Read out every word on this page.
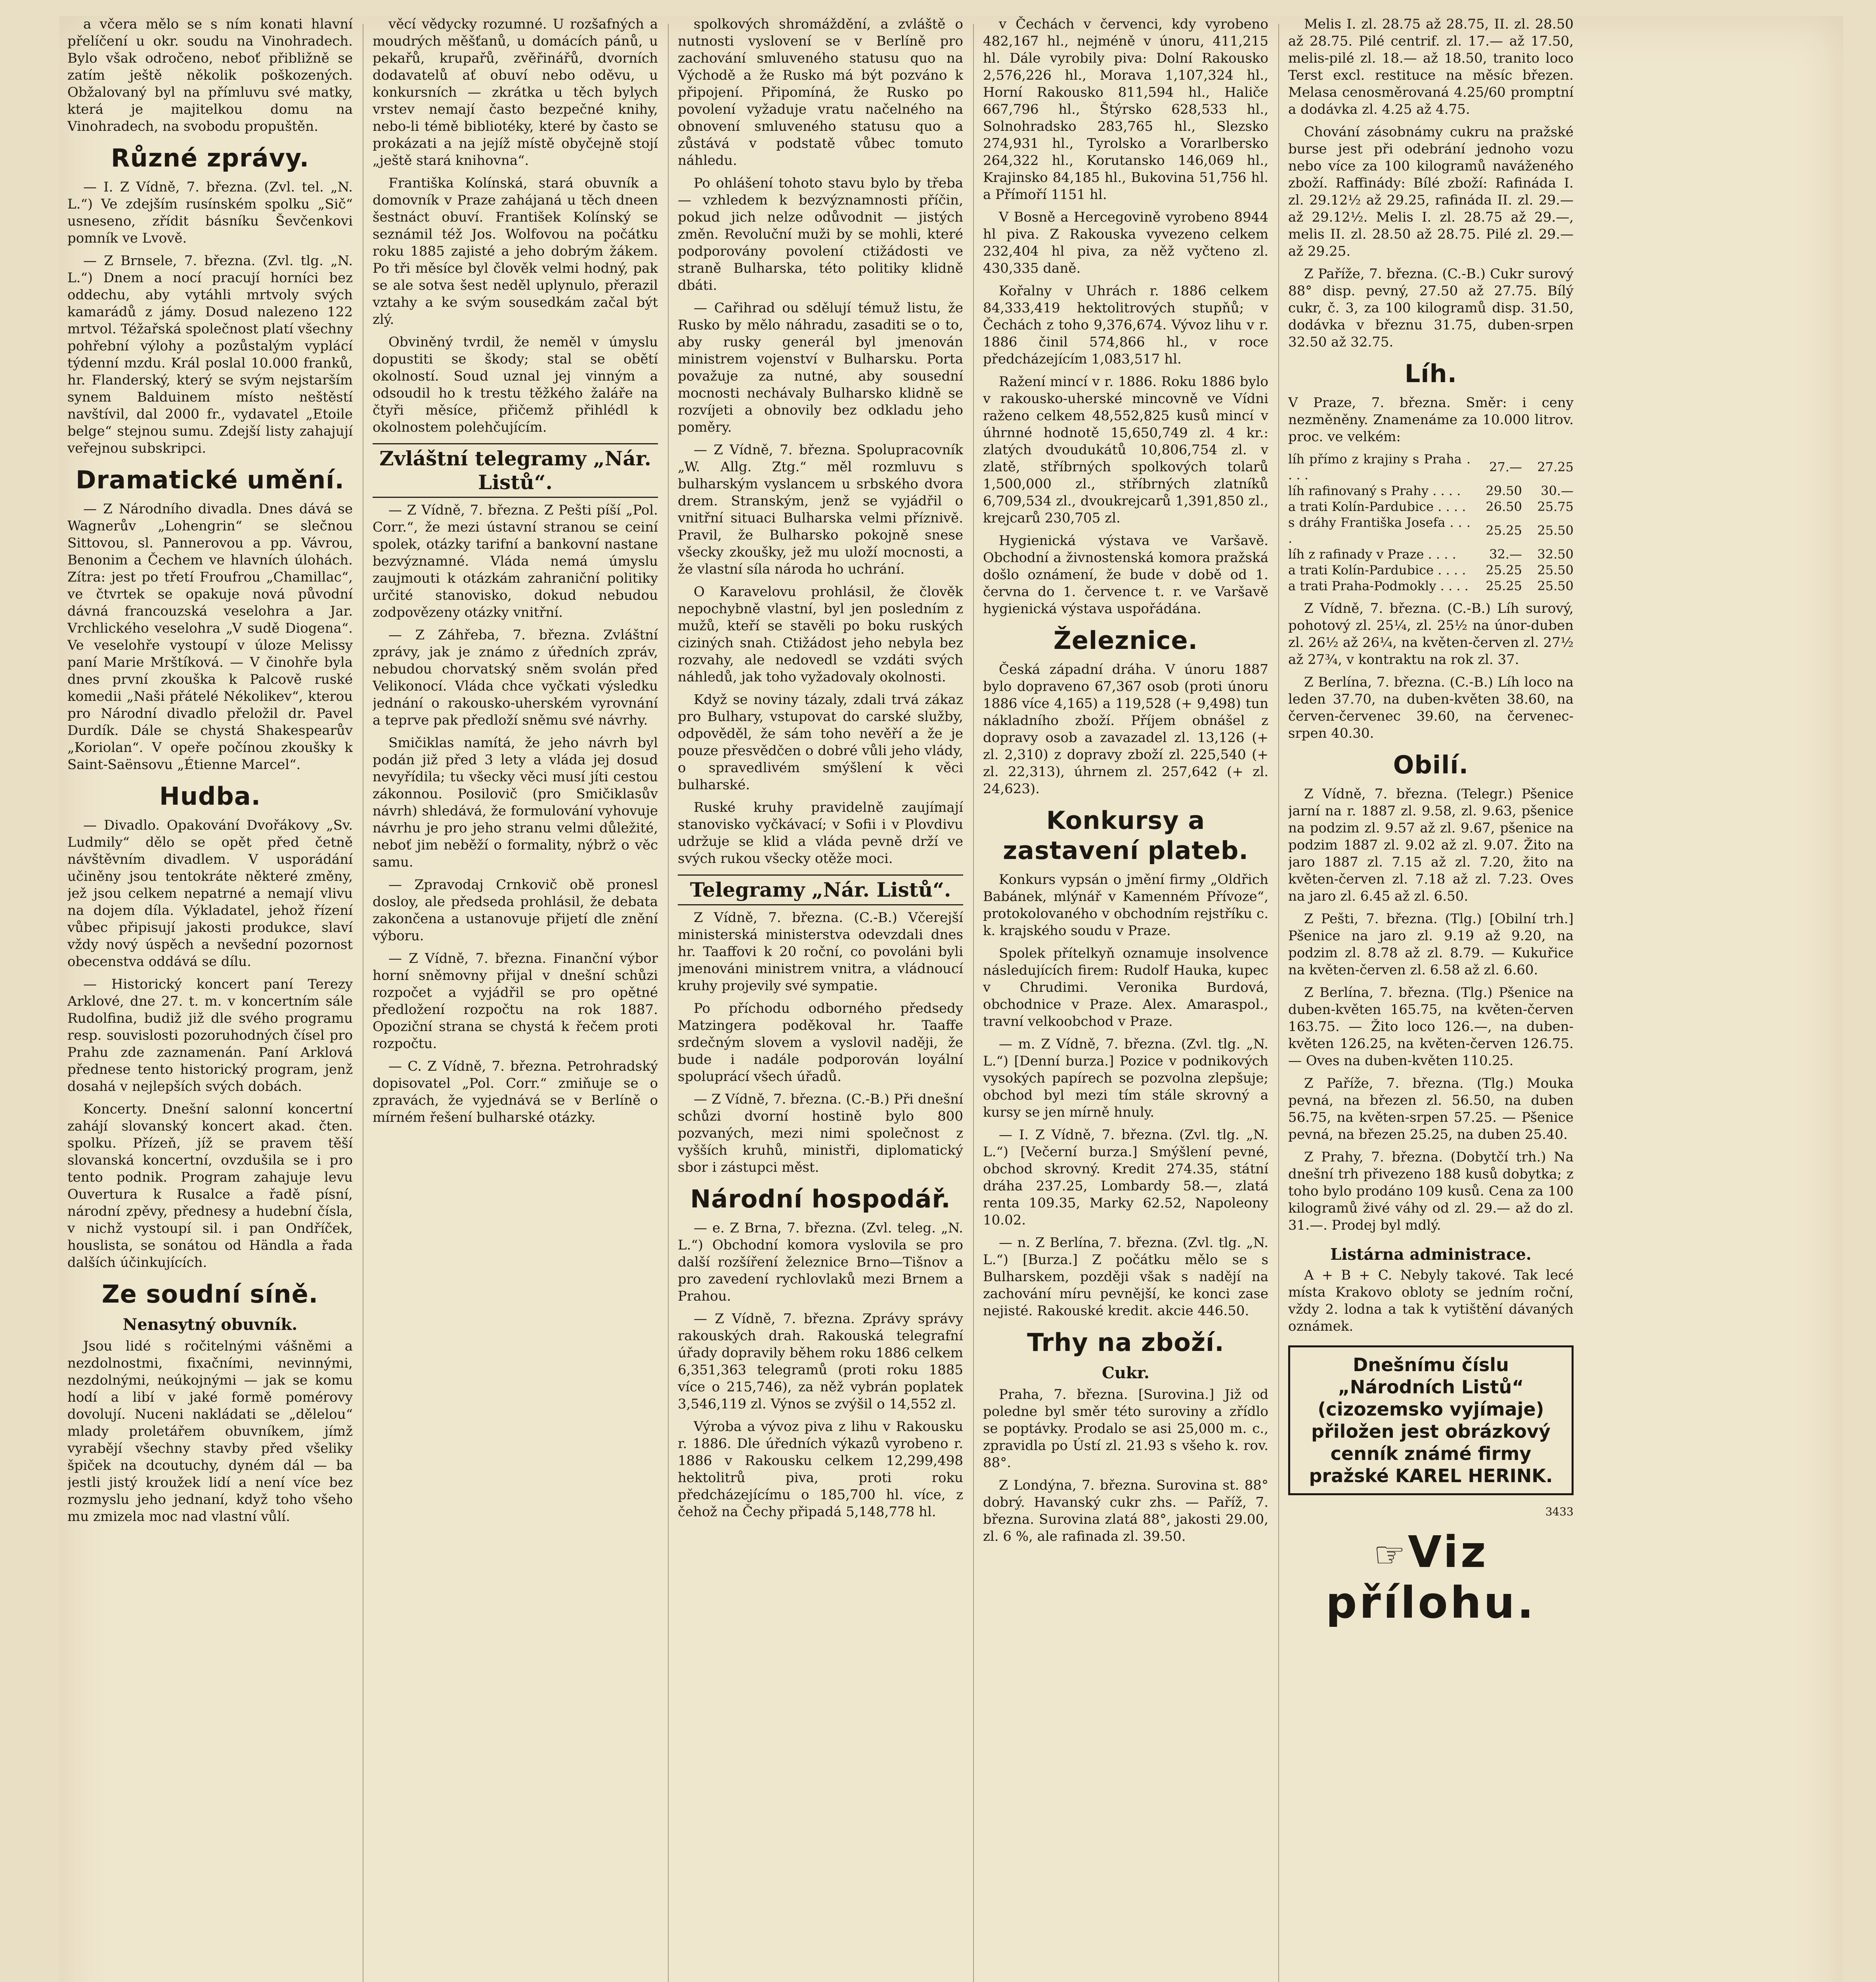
a včera mělo se s ním konati hlavní přelíčení u okr. soudu na Vinohradech. Bylo však odročeno, neboť přibližně se zatím ještě několik poškozených. Obžalovaný byl na přímluvu své matky, která je majitelkou domu na Vinohradech, na svobodu propuštěn.

Různé zprávy.

— I. Z Vídně, 7. března. (Zvl. tel. „N. L.“) Ve zdejším rusínském spolku „Sič“ usneseno, zřídit básníku Ševčenkovi pomník ve Lvově.

— Z Brnsele, 7. března. (Zvl. tlg. „N. L.“) Dnem a nocí pracují horníci bez oddechu, aby vytáhli mrtvoly svých kamarádů z jámy. Dosud nalezeno 122 mrtvol. Téžařská společnost platí všechny pohřební výlohy a pozůstalým vyplácí týdenní mzdu. Král poslal 10.000 franků, hr. Flanderský, který se svým nejstarším synem Balduinem místo neštěstí navštívil, dal 2000 fr., vydavatel „Etoile belge“ stejnou sumu. Zdejší listy zahajují veřejnou subskripci.

Dramatické umění.

— Z Národního divadla. Dnes dává se Wagnerův „Lohengrin“ se slečnou Sittovou, sl. Pannerovou a pp. Vávrou, Benonim a Čechem ve hlavních úlohách. Zítra: jest po třetí Froufrou „Chamillac“, ve čtvrtek se opakuje nová původní dávná francouzská veselohra a Jar. Vrchlického veselohra „V sudě Diogena“. Ve veselohře vystoupí v úloze Melissy paní Marie Mrštíková. — V činohře byla dnes první zkouška k Palcově ruské komedii „Naši přátelé Nékolikev“, kterou pro Národní divadlo přeložil dr. Pavel Durdík. Dále se chystá Shakespearův „Koriolan“. V opeře počínou zkoušky k Saint-Saënsovu „Étienne Marcel“.

Hudba.

— Divadlo. Opakování Dvořákovy „Sv. Ludmily“ dělo se opět před četně návštěvním divadlem. V usporádání učiněny jsou tentokráte některé změny, jež jsou celkem nepatrné a nemají vlivu na dojem díla. Výkladatel, jehož řízení vůbec připisují jakosti produkce, slaví vždy nový úspěch a nevšední pozornost obecenstva oddává se dílu.

— Historický koncert paní Terezy Arklové, dne 27. t. m. v koncertním sále Rudolfina, budiž již dle svého programu resp. souvislosti pozoruhodných čísel pro Prahu zde zaznamenán. Paní Arklová přednese tento historický program, jenž dosahá v nejlepších svých dobách.

Koncerty. Dnešní salonní koncertní zahájí slovanský koncert akad. čten. spolku. Přízeň, jíž se pravem těší slovanská koncertní, ovzdušila se i pro tento podnik. Program zahajuje levu Ouvertura k Rusalce a řadě písní, národní zpěvy, přednesy a hudební čísla, v nichž vystoupí sil. i pan Ondříček, houslista, se sonátou od Händla a řada dalších účinkujících.

Ze soudní síně.
Nenasytný obuvník.

Jsou lidé s ročitelnými vášněmi a nezdolnostmi, fixačními, nevinnými, nezdolnými, neúkojnými — jak se komu hodí a libí v jaké formě pomérovy dovolují. Nuceni nakládati se „dělelou“ mlady proletářem obuvníkem, jímž vyrabějí všechny stavby před všeliky špiček na dcoutuchy, dyném dál — ba jestli jistý kroužek lidí a není více bez rozmyslu jeho jednaní, když toho všeho mu zmizela moc nad vlastní vůlí.

věcí vědycky rozumné. U rozšafných a moudrých měšťanů, u domácích pánů, u pekařů, krupařů, zvěřinářů, dvorních dodavatelů ať obuví nebo oděvu, u konkursních — zkrátka u těch bylych vrstev nemají často bezpečné knihy, nebo-li témě bibliotéky, které by často se prokázati a na jejíž místě obyčejně stojí „ještě stará knihovna“.

Františka Kolínská, stará obuvník a domovník v Praze zahájaná u těch dneen šestnáct obuví. František Kolínský se seznámil též Jos. Wolfovou na počátku roku 1885 zajisté a jeho dobrým žákem. Po tři měsíce byl člověk velmi hodný, pak se ale sotva šest neděl uplynulo, přerazil vztahy a ke svým sousedkám začal být zlý.

Obviněný tvrdil, že neměl v úmyslu dopustiti se škody; stal se obětí okolností. Soud uznal jej vinným a odsoudil ho k trestu těžkého žaláře na čtyři měsíce, přičemž přihlédl k okolnostem polehčujícím.

Zvláštní telegramy „Nár. Listů“.

— Z Vídně, 7. března. Z Pešti píší „Pol. Corr.“, že mezi ústavní stranou se ceiní spolek, otázky tarifní a bankovní nastane bezvýznamné. Vláda nemá úmyslu zaujmouti k otázkám zahraniční politiky určité stanovisko, dokud nebudou zodpovězeny otázky vnitřní.

— Z Záhřeba, 7. března. Zvláštní zprávy, jak je známo z úředních zpráv, nebudou chorvatský sněm svolán před Velikonocí. Vláda chce vyčkati výsledku jednání o rakousko-uherském vyrovnání a teprve pak předloží sněmu své návrhy.

Smičiklas namítá, že jeho návrh byl podán již před 3 lety a vláda jej dosud nevyřídila; tu všecky věci musí jíti cestou zákonnou. Posilovič (pro Smičiklasův návrh) shledává, že formulování vyhovuje návrhu je pro jeho stranu velmi důležité, neboť jim neběží o formality, nýbrž o věc samu.

— Zpravodaj Crnkovič obě pronesl dosloy, ale předseda prohlásil, že debata zakončena a ustanovuje přijetí dle znění výboru.

— Z Vídně, 7. března. Finanční výbor horní sněmovny přijal v dnešní schůzi rozpočet a vyjádřil se pro opětné předložení rozpočtu na rok 1887. Opoziční strana se chystá k řečem proti rozpočtu.

— C. Z Vídně, 7. března. Petrohradský dopisovatel „Pol. Corr.“ zmiňuje se o zpravách, že vyjednává se v Berlíně o mírném řešení bulharské otázky.

spolkových shromáždění, a zvláště o nutnosti vyslovení se v Berlíně pro zachování smluveného statusu quo na Východě a že Rusko má být pozváno k připojení. Připomíná, že Rusko po povolení vyžaduje vratu načelného na obnovení smluveného statusu quo a zůstává v podstatě vůbec tomuto náhledu.

Po ohlášení tohoto stavu bylo by třeba — vzhledem k bezvýznamnosti příčin, pokud jich nelze odůvodnit — jistých změn. Revoluční muži by se mohli, které podporovány povolení ctižádosti ve straně Bulharska, této politiky klidně dbáti.

— Cařihrad ou sdělují témuž listu, že Rusko by mělo náhradu, zasaditi se o to, aby rusky generál byl jmenován ministrem vojenství v Bulharsku. Porta považuje za nutné, aby sousední mocnosti nechávaly Bulharsko klidně se rozvíjeti a obnovily bez odkladu jeho poměry.

— Z Vídně, 7. března. Spolupracovník „W. Allg. Ztg.“ měl rozmluvu s bulharským vyslancem u srbského dvora drem. Stranským, jenž se vyjádřil o vnitřní situaci Bulharska velmi příznivě. Pravil, že Bulharsko pokojně snese všecky zkoušky, jež mu uloží mocnosti, a že vlastní síla národa ho uchrání.

O Karavelovu prohlásil, že člověk nepochybně vlastní, byl jen posledním z mužů, kteří se stavěli po boku ruských ciziných snah. Ctižádost jeho nebyla bez rozvahy, ale nedovedl se vzdáti svých náhledů, jak toho vyžadovaly okolnosti.

Když se noviny tázaly, zdali trvá zákaz pro Bulhary, vstupovat do carské služby, odpověděl, že sám toho nevěří a že je pouze přesvědčen o dobré vůli jeho vlády, o spravedlivém smýšlení k věci bulharské.

Ruské kruhy pravidelně zaujímají stanovisko vyčkávací; v Sofii i v Plovdivu udržuje se klid a vláda pevně drží ve svých rukou všecky otěže moci.

Telegramy „Nár. Listů“.

Z Vídně, 7. března. (C.-B.) Včerejší ministerská ministerstva odevzdali dnes hr. Taaffovi k 20 roční, co povoláni byli jmenováni ministrem vnitra, a vládnoucí kruhy projevily své sympatie.

Po příchodu odborného předsedy Matzingera poděkoval hr. Taaffe srdečným slovem a vyslovil naději, že bude i nadále podporován loyální spoluprácí všech úřadů.

— Z Vídně, 7. března. (C.-B.) Při dnešní schůzi dvorní hostině bylo 800 pozvaných, mezi nimi společnost z vyšších kruhů, ministři, diplomatický sbor i zástupci měst.

Národní hospodář.

— e. Z Brna, 7. března. (Zvl. teleg. „N. L.“) Obchodní komora vyslovila se pro další rozšíření železnice Brno—Tišnov a pro zavedení rychlovlaků mezi Brnem a Prahou.

— Z Vídně, 7. března. Zprávy správy rakouských drah. Rakouská telegrafní úřady dopravily během roku 1886 celkem 6,351,363 telegramů (proti roku 1885 více o 215,746), za něž vybrán poplatek 3,546,119 zl. Výnos se zvýšil o 14,552 zl.

Výroba a vývoz piva z lihu v Rakousku r. 1886. Dle úředních výkazů vyrobeno r. 1886 v Rakousku celkem 12,299,498 hektolitrů piva, proti roku předcházejícímu o 185,700 hl. více, z čehož na Čechy připadá 5,148,778 hl.

v Čechách v červenci, kdy vyrobeno 482,167 hl., nejméně v únoru, 411,215 hl. Dále vyrobily piva: Dolní Rakousko 2,576,226 hl., Morava 1,107,324 hl., Horní Rakousko 811,594 hl., Haliče 667,796 hl., Štýrsko 628,533 hl., Solnohradsko 283,765 hl., Slezsko 274,931 hl., Tyrolsko a Vorarlbersko 264,322 hl., Korutansko 146,069 hl., Krajinsko 84,185 hl., Bukovina 51,756 hl. a Přímoří 1151 hl.

V Bosně a Hercegovině vyrobeno 8944 hl piva. Z Rakouska vyvezeno celkem 232,404 hl piva, za něž vyčteno zl. 430,335 daně.

Kořalny v Uhrách r. 1886 celkem 84,333,419 hektolitrových stupňů; v Čechách z toho 9,376,674. Vývoz lihu v r. 1886 činil 574,866 hl., v roce předcházejícím 1,083,517 hl.

Ražení mincí v r. 1886. Roku 1886 bylo v rakousko-uherské mincovně ve Vídni raženo celkem 48,552,825 kusů mincí v úhrnné hodnotě 15,650,749 zl. 4 kr.: zlatých dvoudukátů 10,806,754 zl. v zlatě, stříbrných spolkových tolarů 1,500,000 zl., stříbrných zlatníků 6,709,534 zl., dvoukrejcarů 1,391,850 zl., krejcarů 230,705 zl.

Hygienická výstava ve Varšavě. Obchodní a živnostenská komora pražská došlo oznámení, že bude v době od 1. června do 1. července t. r. ve Varšavě hygienická výstava uspořádána.

Železnice.

Česká západní dráha. V únoru 1887 bylo dopraveno 67,367 osob (proti únoru 1886 více 4,165) a 119,528 (+ 9,498) tun nákladního zboží. Příjem obnášel z dopravy osob a zavazadel zl. 13,126 (+ zl. 2,310) z dopravy zboží zl. 225,540 (+ zl. 22,313), úhrnem zl. 257,642 (+ zl. 24,623).

Konkursy a zastavení plateb.

Konkurs vypsán o jmění firmy „Oldřich Babánek, mlýnář v Kamenném Přívoze“, protokolovaného v obchodním rejstříku c. k. krajského soudu v Praze.

Spolek přítelkyň oznamuje insolvence následujících firem: Rudolf Hauka, kupec v Chrudimi. Veronika Burdová, obchodnice v Praze. Alex. Amaraspol., travní velkoobchod v Praze.

— m. Z Vídně, 7. března. (Zvl. tlg. „N. L.“) [Denní burza.] Pozice v podnikových vysokých papírech se pozvolna zlepšuje; obchod byl mezi tím stále skrovný a kursy se jen mírně hnuly.

— I. Z Vídně, 7. března. (Zvl. tlg. „N. L.“) [Večerní burza.] Smýšlení pevné, obchod skrovný. Kredit 274.35, státní dráha 237.25, Lombardy 58.—, zlatá renta 109.35, Marky 62.52, Napoleony 10.02.

— n. Z Berlína, 7. března. (Zvl. tlg. „N. L.“) [Burza.] Z počátku mělo se s Bulharskem, později však s nadějí na zachování míru pevnější, ke konci zase nejisté. Rakouské kredit. akcie 446.50.

Trhy na zboží.
Cukr.

Praha, 7. března. [Surovina.] Již od poledne byl směr této suroviny a zřídlo se poptávky. Prodalo se asi 25,000 m. c., zpravidla po Ústí zl. 21.93 s všeho k. rov. 88°.

Z Londýna, 7. března. Surovina st. 88° dobrý. Havanský cukr zhs. — Paříž, 7. března. Surovina zlatá 88°, jakosti 29.00, zl. 6 %, ale rafinada zl. 39.50.

Melis I. zl. 28.75 až 28.75, II. zl. 28.50 až 28.75. Pilé centrif. zl. 17.— až 17.50, melis-pilé zl. 18.— až 18.50, tranito loco Terst excl. restituce na měsíc březen. Melasa cenosměrovaná 4.25/60 promptní a dodávka zl. 4.25 až 4.75.

Chování zásobnámy cukru na pražské burse jest při odebrání jednoho vozu nebo více za 100 kilogramů naváženého zboží. Raffinády: Bílé zboží: Rafináda I. zl. 29.12½ až 29.25, rafináda II. zl. 29.— až 29.12½. Melis I. zl. 28.75 až 29.—, melis II. zl. 28.50 až 28.75. Pilé zl. 29.— až 29.25.

Z Paříže, 7. března. (C.-B.) Cukr surový 88° disp. pevný, 27.50 až 27.75. Bílý cukr, č. 3, za 100 kilogramů disp. 31.50, dodávka v březnu 31.75, duben-srpen 32.50 až 32.75.

Líh.

V Praze, 7. března. Směr: i ceny nezměněny. Znamenáme za 10.000 litrov. proc. ve velkém:

líh přímo z krajiny s Praha . . . .	27.—	27.25
líh rafinovaný s Prahy . . . .	29.50	30.—
a trati Kolín-Pardubice . . . .	26.50	25.75
s dráhy Františka Josefa . . . .	25.25	25.50
líh z rafinady v Praze . . . .	32.—	32.50
a trati Kolín-Pardubice . . . .	25.25	25.50
a trati Praha-Podmokly . . . .	25.25	25.50

Z Vídně, 7. března. (C.-B.) Líh surový, pohotový zl. 25¼, zl. 25½ na únor-duben zl. 26½ až 26¼, na květen-červen zl. 27½ až 27¾, v kontraktu na rok zl. 37.

Z Berlína, 7. března. (C.-B.) Líh loco na leden 37.70, na duben-květen 38.60, na červen-červenec 39.60, na červenec-srpen 40.30.

Obilí.

Z Vídně, 7. března. (Telegr.) Pšenice jarní na r. 1887 zl. 9.58, zl. 9.63, pšenice na podzim zl. 9.57 až zl. 9.67, pšenice na podzim 1887 zl. 9.02 až zl. 9.07. Žito na jaro 1887 zl. 7.15 až zl. 7.20, žito na květen-červen zl. 7.18 až zl. 7.23. Oves na jaro zl. 6.45 až zl. 6.50.

Z Pešti, 7. března. (Tlg.) [Obilní trh.] Pšenice na jaro zl. 9.19 až 9.20, na podzim zl. 8.78 až zl. 8.79. — Kukuřice na květen-červen zl. 6.58 až zl. 6.60.

Z Berlína, 7. března. (Tlg.) Pšenice na duben-květen 165.75, na květen-červen 163.75. — Žito loco 126.—, na duben-květen 126.25, na květen-červen 126.75. — Oves na duben-květen 110.25.

Z Paříže, 7. března. (Tlg.) Mouka pevná, na březen zl. 56.50, na duben 56.75, na květen-srpen 57.25. — Pšenice pevná, na březen 25.25, na duben 25.40.

Z Prahy, 7. března. (Dobytčí trh.) Na dnešní trh přivezeno 188 kusů dobytka; z toho bylo prodáno 109 kusů. Cena za 100 kilogramů živé váhy od zl. 29.— až do zl. 31.—. Prodej byl mdlý.

Listárna administrace.

A + B + C. Nebyly takové. Tak lecé místa Krakovo obloty se jedním roční, vždy 2. lodna a tak k vytištění dávaných oznámek.

Dnešnímu číslu „Národních Listů“ (cizozemsko vyjímaje) přiložen jest obrázkový cenník známé firmy pražské KAREL HERINK.
3433
☞Viz přílohu.
